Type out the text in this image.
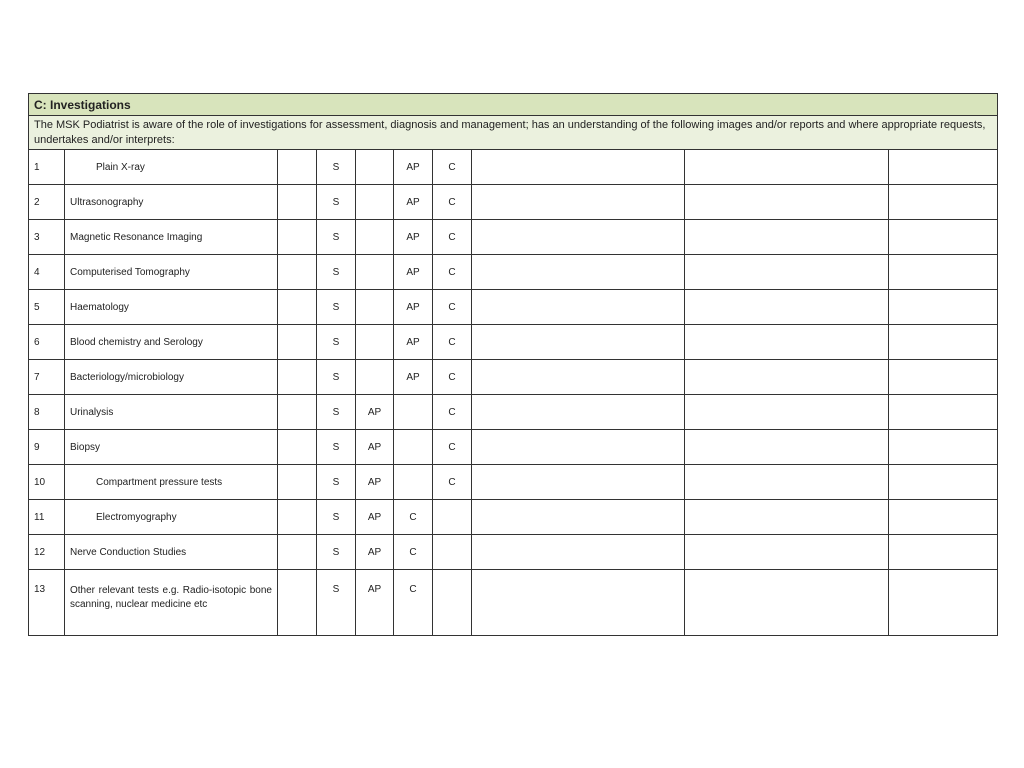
C: Investigations									
The MSK Podiatrist is aware of the role of investigations for assessment, diagnosis and management; has an understanding of the following images and/or reports and where appropriate requests, undertakes and/or interprets:									
1	Plain X-ray		S		AP	C			
2	Ultrasonography		S		AP	C			
3	Magnetic Resonance Imaging		S		AP	C			
4	Computerised Tomography		S		AP	C			
5	Haematology		S		AP	C			
6	Blood chemistry and Serology		S		AP	C			
7	Bacteriology/microbiology		S		AP	C			
8	Urinalysis		S	AP		C			
9	Biopsy		S	AP		C			
10	Compartment pressure tests		S	AP		C			
11	Electromyography		S	AP	C				
12	Nerve Conduction Studies		S	AP	C				
13	Other relevant tests e.g. Radio-isotopic bone scanning, nuclear medicine etc		S	AP	C				
